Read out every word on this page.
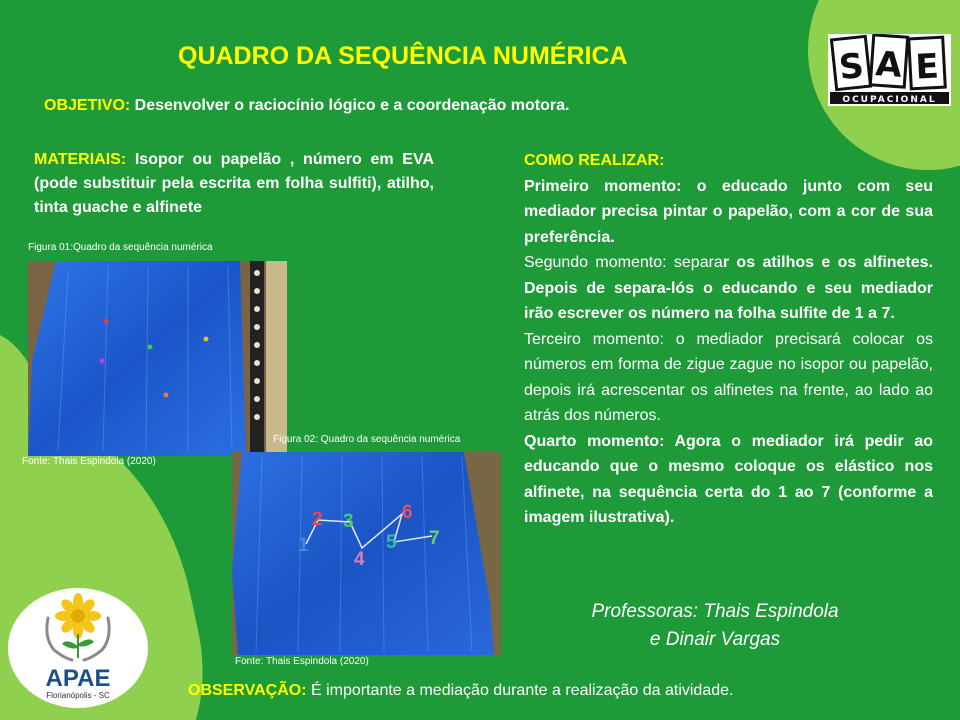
QUADRO DA SEQUÊNCIA NUMÉRICA
OBJETIVO: Desenvolver o raciocínio lógico e a coordenação motora.
MATERIAIS: Isopor ou papelão , número em EVA (pode substituir pela escrita em folha sulfiti), atilho, tinta guache e alfinete
Figura 01:Quadro da sequência numérica
Fonte: Thais Espindola (2020)
Figura 02: Quadro da sequência numérica
1
2 3
4
5
6
7
Fonte: Thais Espindola (2020)
COMO REALIZAR:
Primeiro momento: o educado junto com seu mediador precisa pintar o papelão, com a cor de sua preferência.
Segundo momento: separar os atilhos e os alfinetes. Depois de separa-lós o educando e seu mediador irão escrever os número na folha sulfite de 1 a 7.
Terceiro momento: o mediador precisará colocar os números em forma de zigue zague no isopor ou papelão, depois irá acrescentar os alfinetes na frente, ao lado ao atrás dos números.
Quarto momento: Agora o mediador irá pedir ao educando que o mesmo coloque os elástico nos alfinete, na sequência certa do 1 ao 7 (conforme a imagem ilustrativa).
Professoras: Thais Espindola
e Dinair Vargas
OBSERVAÇÃO: É importante a mediação durante a realização da atividade.
S A E
OCUPACIONAL
APAE
Florianópolis - SC
